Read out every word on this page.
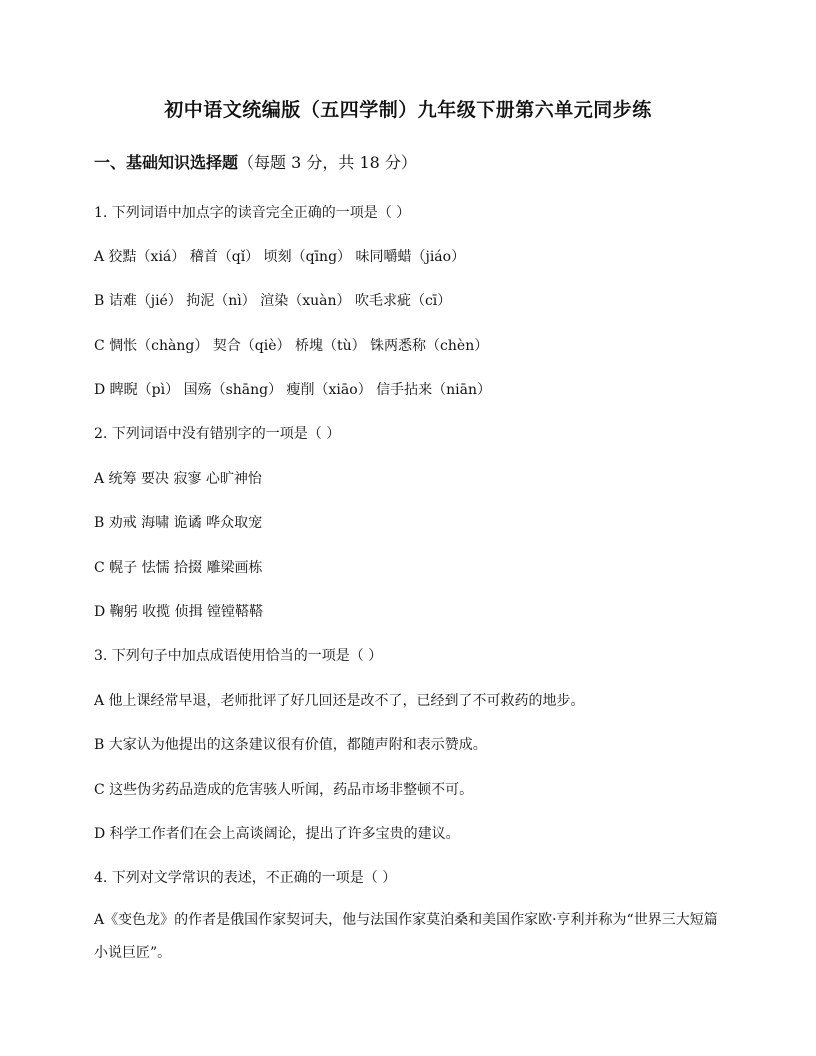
初中语文统编版（五四学制）九年级下册第六单元同步练
一、基础知识选择题（每题 3 分，共 18 分）
1. 下列词语中加点字的读音完全正确的一项是（ ）
A 狡黠（xiá） 稽首（qǐ） 顷刻（qīng） 味同嚼蜡（jiáo）
B 诘难（jié） 拘泥（nì） 渲染（xuàn） 吹毛求疵（cī）
C 惆怅（chàng） 契合（qiè） 桥塊（tù） 铢两悉称（chèn）
D 睥睨（pì） 国殇（shāng） 瘦削（xiāo） 信手拈来（niān）
2. 下列词语中没有错别字的一项是（ ）
A 统筹 要决 寂寥 心旷神怡
B 劝戒 海啸 诡谲 哗众取宠
C 幌子 怯懦 拾掇 雕梁画栋
D 鞠躬 收揽 侦揖 镗镗鞳鞳
3. 下列句子中加点成语使用恰当的一项是（ ）
A 他上课经常早退，老师批评了好几回还是改不了，已经到了不可救药的地步。
B 大家认为他提出的这条建议很有价值，都随声附和表示赞成。
C 这些伪劣药品造成的危害骇人听闻，药品市场非整顿不可。
D 科学工作者们在会上高谈阔论，提出了许多宝贵的建议。
4. 下列对文学常识的表述，不正确的一项是（ ）
A《变色龙》的作者是俄国作家契诃夫，他与法国作家莫泊桑和美国作家欧·亨利并称为“世界三大短篇小说巨匠”。
